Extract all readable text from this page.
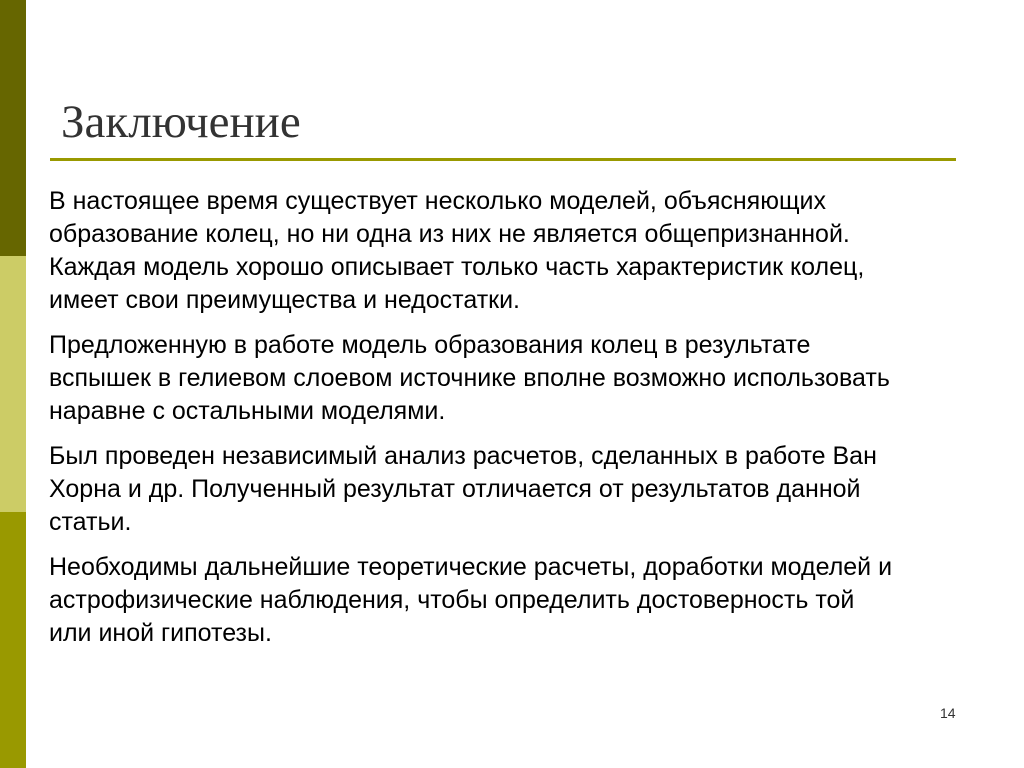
Заключение
В настоящее время существует несколько моделей, объясняющих
образование колец, но ни одна из них не является общепризнанной.
Каждая модель хорошо описывает только часть характеристик колец,
имеет свои преимущества и недостатки.
Предложенную в работе модель образования колец в результате
вспышек в гелиевом слоевом источнике вполне возможно использовать
наравне с остальными моделями.
Был проведен независимый анализ расчетов, сделанных в работе Ван
Хорна и др. Полученный результат отличается от результатов данной
статьи.
Необходимы дальнейшие теоретические расчеты, доработки моделей и
астрофизические наблюдения, чтобы определить достоверность той
или иной гипотезы.
14
